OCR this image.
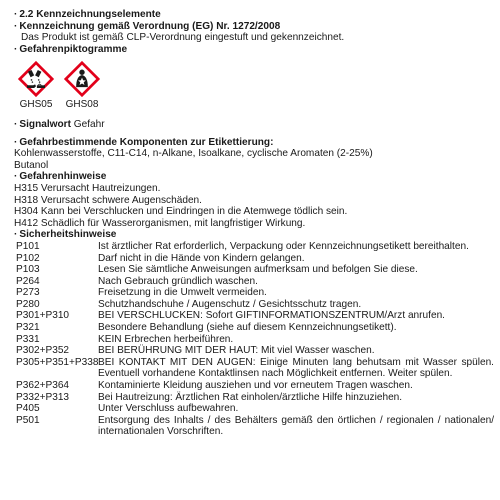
· 2.2 Kennzeichnungselemente
· Kennzeichnung gemäß Verordnung (EG) Nr. 1272/2008
Das Produkt ist gemäß CLP-Verordnung eingestuft und gekennzeichnet.
· Gefahrenpiktogramme
GHS05 GHS08
· Signalwort Gefahr
· Gefahrbestimmende Komponenten zur Etikettierung:
Kohlenwasserstoffe, C11-C14, n-Alkane, Isoalkane, cyclische Aromaten (2-25%)
Butanol
· Gefahrenhinweise
H315 Verursacht Hautreizungen.
H318 Verursacht schwere Augenschäden.
H304 Kann bei Verschlucken und Eindringen in die Atemwege tödlich sein.
H412 Schädlich für Wasserorganismen, mit langfristiger Wirkung.
· Sicherheitshinweise
P101	Ist ärztlicher Rat erforderlich, Verpackung oder Kennzeichnungsetikett bereithalten.
P102	Darf nicht in die Hände von Kindern gelangen.
P103	Lesen Sie sämtliche Anweisungen aufmerksam und befolgen Sie diese.
P264	Nach Gebrauch gründlich waschen.
P273	Freisetzung in die Umwelt vermeiden.
P280	Schutzhandschuhe / Augenschutz / Gesichtsschutz tragen.
P301+P310	BEI VERSCHLUCKEN: Sofort GIFTINFORMATIONSZENTRUM/Arzt anrufen.
P321	Besondere Behandlung (siehe auf diesem Kennzeichnungsetikett).
P331	KEIN Erbrechen herbeiführen.
P302+P352	BEI BERÜHRUNG MIT DER HAUT: Mit viel Wasser waschen.
P305+P351+P338 BEI KONTAKT MIT DEN AUGEN: Einige Minuten lang behutsam mit Wasser spülen. Eventuell vorhandene Kontaktlinsen nach Möglichkeit entfernen. Weiter spülen.
P362+P364	Kontaminierte Kleidung ausziehen und vor erneutem Tragen waschen.
P332+P313	Bei Hautreizung: Ärztlichen Rat einholen/ärztliche Hilfe hinzuziehen.
P405	Unter Verschluss aufbewahren.
P501	Entsorgung des Inhalts / des Behälters gemäß den örtlichen / regionalen / nationalen/ internationalen Vorschriften.
